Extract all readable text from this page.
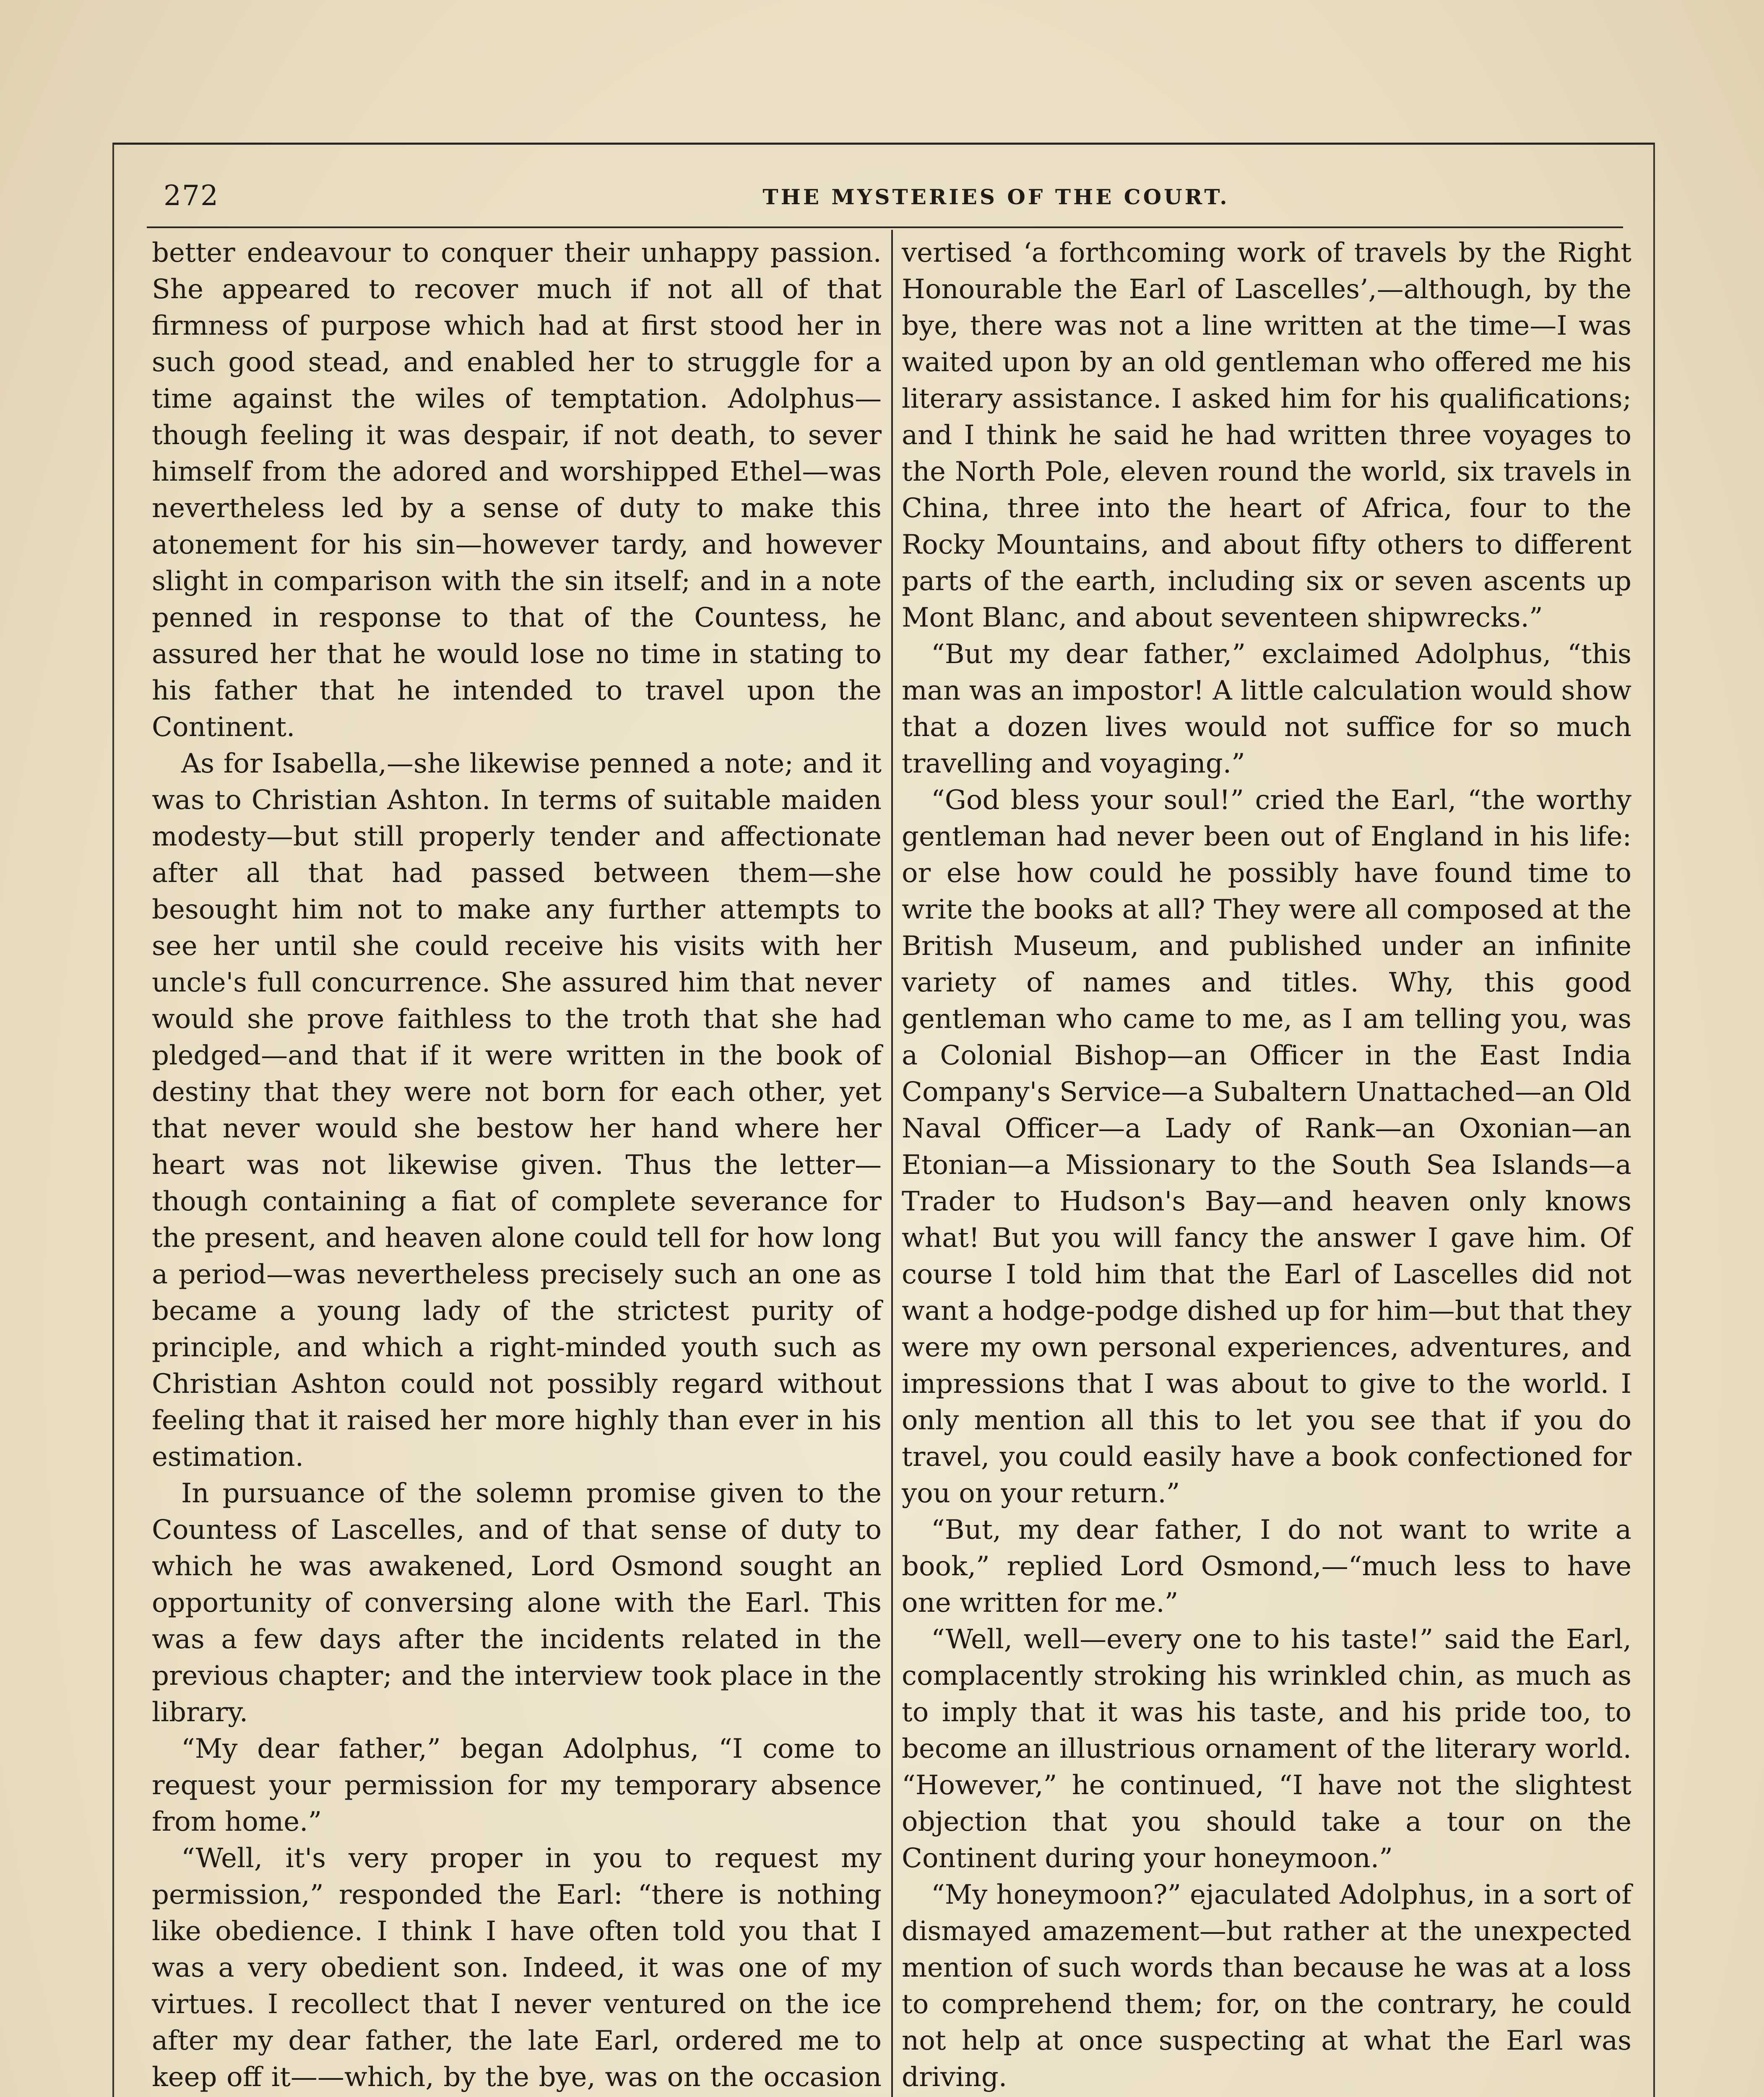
272	THE MYSTERIES OF THE COURT.

better endeavour to conquer their unhappy passion. She appeared to recover much if not all of that firmness of purpose which had at first stood her in such good stead, and enabled her to struggle for a time against the wiles of temptation. Adolphus—though feeling it was despair, if not death, to sever himself from the adored and worshipped Ethel—was nevertheless led by a sense of duty to make this atonement for his sin—however tardy, and however slight in comparison with the sin itself; and in a note penned in response to that of the Countess, he assured her that he would lose no time in stating to his father that he intended to travel upon the Continent.

As for Isabella,—she likewise penned a note; and it was to Christian Ashton. In terms of suitable maiden modesty—but still properly tender and affectionate after all that had passed between them—she besought him not to make any further attempts to see her until she could receive his visits with her uncle's full concurrence. She assured him that never would she prove faithless to the troth that she had pledged—and that if it were written in the book of destiny that they were not born for each other, yet that never would she bestow her hand where her heart was not likewise given. Thus the letter—though containing a fiat of complete severance for the present, and heaven alone could tell for how long a period—was nevertheless precisely such an one as became a young lady of the strictest purity of principle, and which a right-minded youth such as Christian Ashton could not possibly regard without feeling that it raised her more highly than ever in his estimation.

In pursuance of the solemn promise given to the Countess of Lascelles, and of that sense of duty to which he was awakened, Lord Osmond sought an opportunity of conversing alone with the Earl. This was a few days after the incidents related in the previous chapter; and the interview took place in the library.

“My dear father,” began Adolphus, “I come to request your permission for my temporary absence from home.”

“Well, it's very proper in you to request my permission,” responded the Earl: “there is nothing like obedience. I think I have often told you that I was a very obedient son. Indeed, it was one of my virtues. I recollect that I never ventured on the ice after my dear father, the late Earl, ordered me to keep off it——which, by the bye, was on the occasion

vertised ‘a forthcoming work of travels by the Right Honourable the Earl of Lascelles’,—although, by the bye, there was not a line written at the time—I was waited upon by an old gentleman who offered me his literary assistance. I asked him for his qualifications; and I think he said he had written three voyages to the North Pole, eleven round the world, six travels in China, three into the heart of Africa, four to the Rocky Mountains, and about fifty others to different parts of the earth, including six or seven ascents up Mont Blanc, and about seventeen shipwrecks.”

“But my dear father,” exclaimed Adolphus, “this man was an impostor! A little calculation would show that a dozen lives would not suffice for so much travelling and voyaging.”

“God bless your soul!” cried the Earl, “the worthy gentleman had never been out of England in his life: or else how could he possibly have found time to write the books at all? They were all composed at the British Museum, and published under an infinite variety of names and titles. Why, this good gentleman who came to me, as I am telling you, was a Colonial Bishop—an Officer in the East India Company's Service—a Subaltern Unattached—an Old Naval Officer—a Lady of Rank—an Oxonian—an Etonian—a Missionary to the South Sea Islands—a Trader to Hudson's Bay—and heaven only knows what! But you will fancy the answer I gave him. Of course I told him that the Earl of Lascelles did not want a hodge-podge dished up for him—but that they were my own personal experiences, adventures, and impressions that I was about to give to the world. I only mention all this to let you see that if you do travel, you could easily have a book confectioned for you on your return.”

“But, my dear father, I do not want to write a book,” replied Lord Osmond,—“much less to have one written for me.”

“Well, well—every one to his taste!” said the Earl, complacently stroking his wrinkled chin, as much as to imply that it was his taste, and his pride too, to become an illustrious ornament of the literary world. “However,” he continued, “I have not the slightest objection that you should take a tour on the Continent during your honeymoon.”

“My honeymoon?” ejaculated Adolphus, in a sort of dismayed amazement—but rather at the unexpected mention of such words than because he was at a loss to comprehend them; for, on the contrary, he could not help at once suspecting at what the Earl was driving.
